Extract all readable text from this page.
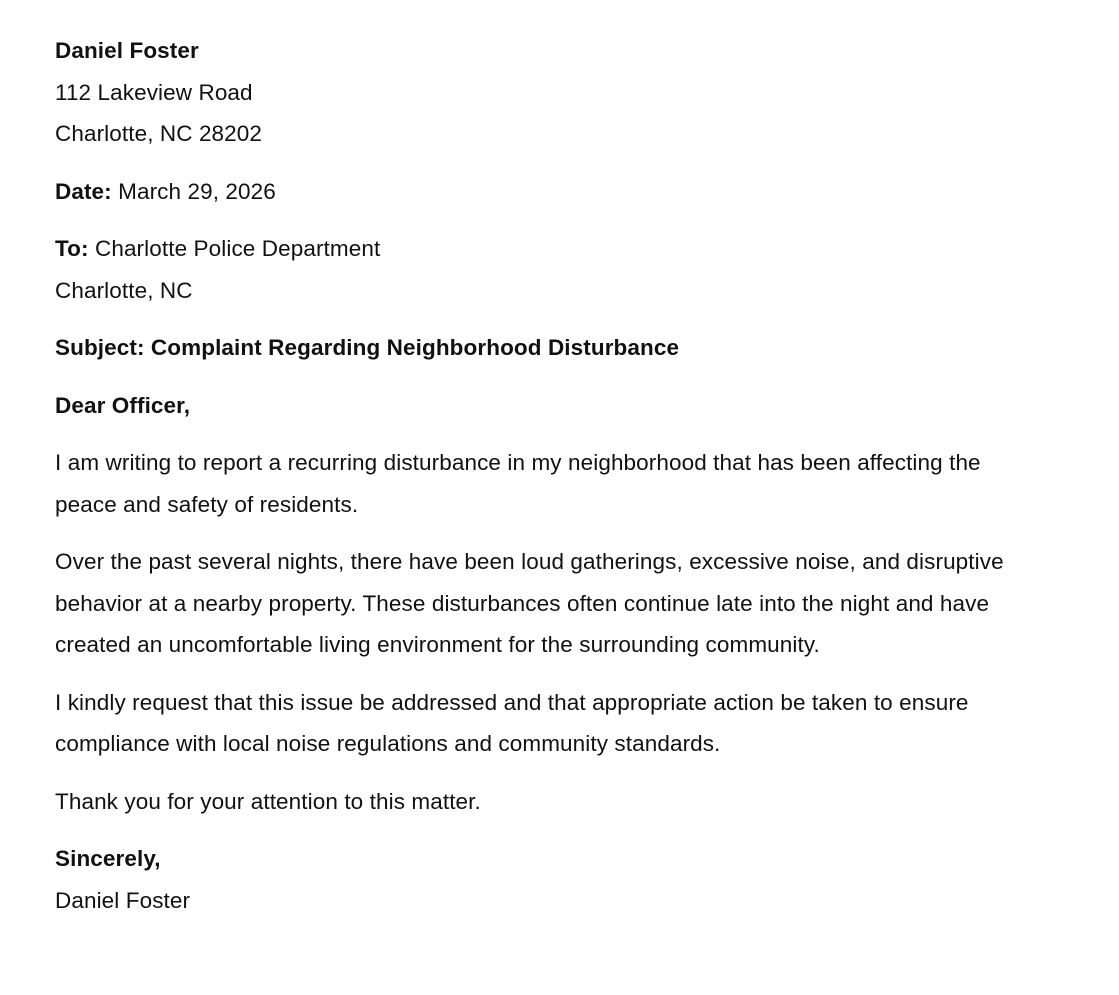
Daniel Foster
112 Lakeview Road
Charlotte, NC 28202
Date: March 29, 2026
To: Charlotte Police Department
Charlotte, NC
Subject: Complaint Regarding Neighborhood Disturbance
Dear Officer,

I am writing to report a recurring disturbance in my neighborhood that has been affecting the peace and safety of residents.

Over the past several nights, there have been loud gatherings, excessive noise, and disruptive behavior at a nearby property. These disturbances often continue late into the night and have created an uncomfortable living environment for the surrounding community.

I kindly request that this issue be addressed and that appropriate action be taken to ensure compliance with local noise regulations and community standards.

Thank you for your attention to this matter.

Sincerely,
Daniel Foster
